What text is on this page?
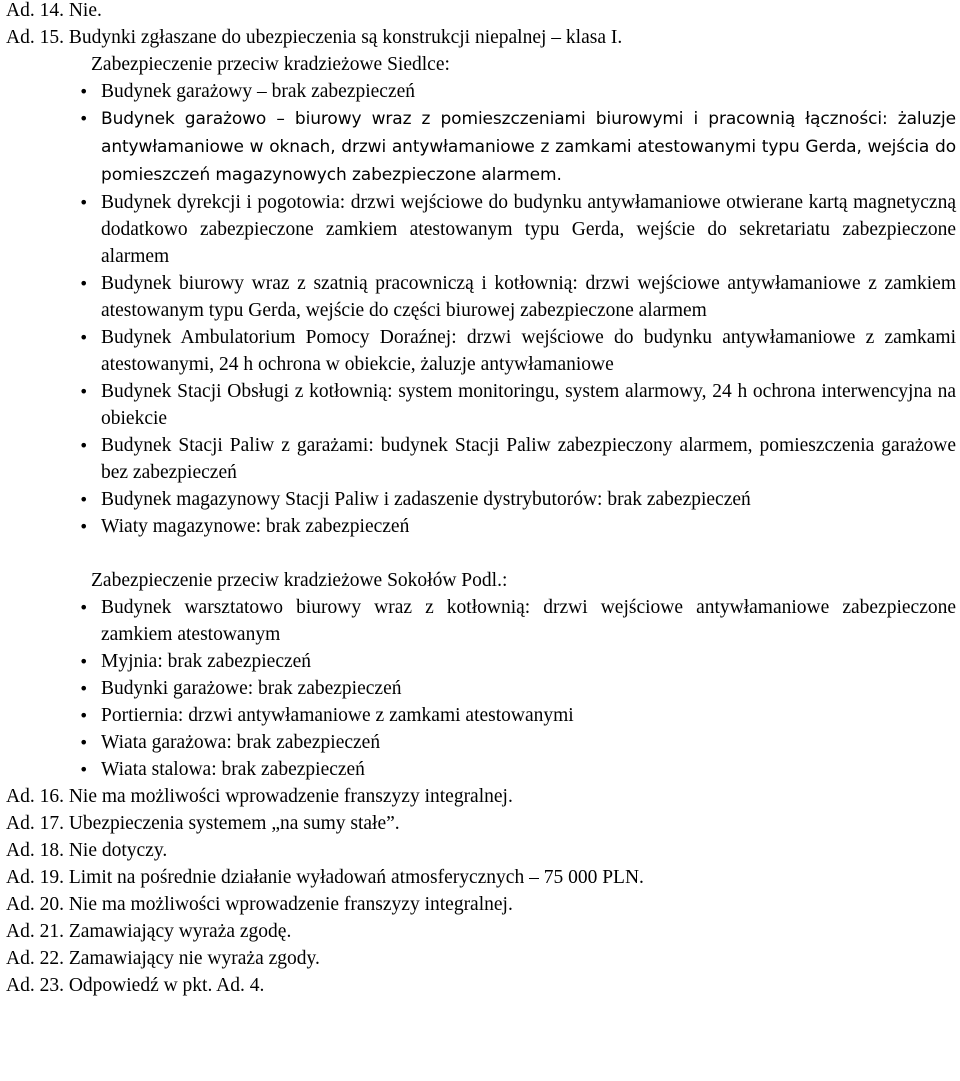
Ad. 14. Nie.
Ad. 15. Budynki zgłaszane do ubezpieczenia są konstrukcji niepalnej – klasa I.
Zabezpieczenie przeciw kradzieżowe Siedlce:
• Budynek garażowy – brak zabezpieczeń
• Budynek garażowo – biurowy wraz z pomieszczeniami biurowymi i pracownią łączności: żaluzje antywłamaniowe w oknach, drzwi antywłamaniowe z zamkami atestowanymi typu Gerda, wejścia do pomieszczeń magazynowych zabezpieczone alarmem.
• Budynek dyrekcji i pogotowia: drzwi wejściowe do budynku antywłamaniowe otwierane kartą magnetyczną dodatkowo zabezpieczone zamkiem atestowanym typu Gerda, wejście do sekretariatu zabezpieczone alarmem
• Budynek biurowy wraz z szatnią pracowniczą i kotłownią: drzwi wejściowe antywłamaniowe z zamkiem atestowanym typu Gerda, wejście do części biurowej zabezpieczone alarmem
• Budynek Ambulatorium Pomocy Doraźnej: drzwi wejściowe do budynku antywłamaniowe z zamkami atestowanymi, 24 h ochrona w obiekcie, żaluzje antywłamaniowe
• Budynek Stacji Obsługi z kotłownią: system monitoringu, system alarmowy, 24 h ochrona interwencyjna na obiekcie
• Budynek Stacji Paliw z garażami: budynek Stacji Paliw zabezpieczony alarmem, pomieszczenia garażowe bez zabezpieczeń
• Budynek magazynowy Stacji Paliw i zadaszenie dystrybutorów: brak zabezpieczeń
• Wiaty magazynowe: brak zabezpieczeń
Zabezpieczenie przeciw kradzieżowe Sokołów Podl.:
• Budynek warsztatowo biurowy wraz z kotłownią: drzwi wejściowe antywłamaniowe zabezpieczone zamkiem atestowanym
• Myjnia: brak zabezpieczeń
• Budynki garażowe: brak zabezpieczeń
• Portiernia: drzwi antywłamaniowe z zamkami atestowanymi
• Wiata garażowa: brak zabezpieczeń
• Wiata stalowa: brak zabezpieczeń
Ad. 16. Nie ma możliwości wprowadzenie franszyzy integralnej.
Ad. 17. Ubezpieczenia systemem „na sumy stałe”.
Ad. 18. Nie dotyczy.
Ad. 19. Limit na pośrednie działanie wyładowań atmosferycznych – 75 000 PLN.
Ad. 20. Nie ma możliwości wprowadzenie franszyzy integralnej.
Ad. 21. Zamawiający wyraża zgodę.
Ad. 22. Zamawiający nie wyraża zgody.
Ad. 23. Odpowiedź w pkt. Ad. 4.
